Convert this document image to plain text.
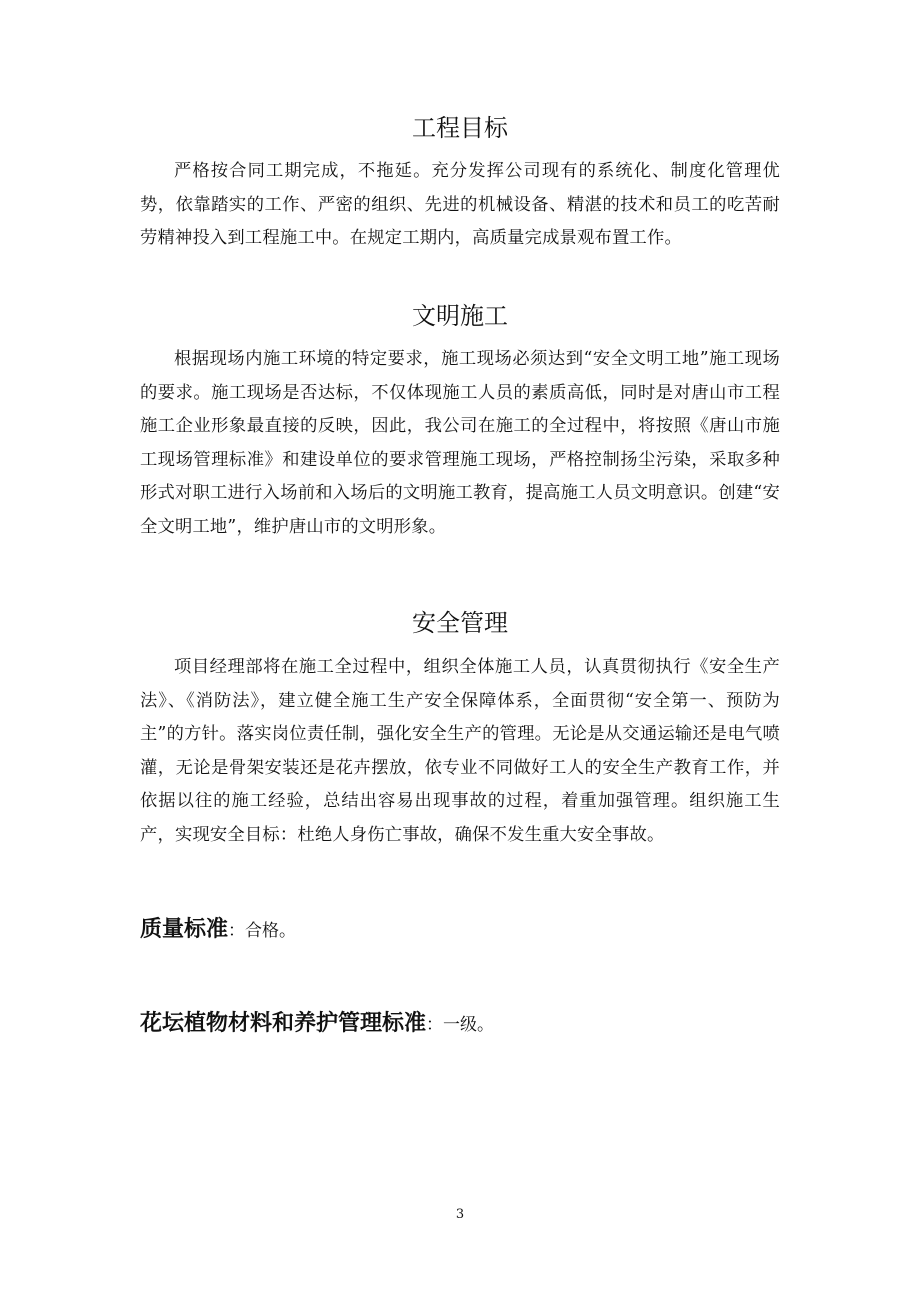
工程目标

严格按合同工期完成，不拖延。充分发挥公司现有的系统化、制度化管理优势，依靠踏实的工作、严密的组织、先进的机械设备、精湛的技术和员工的吃苦耐劳精神投入到工程施工中。在规定工期内，高质量完成景观布置工作。

文明施工

根据现场内施工环境的特定要求，施工现场必须达到“安全文明工地”施工现场的要求。施工现场是否达标，不仅体现施工人员的素质高低，同时是对唐山市工程施工企业形象最直接的反映，因此，我公司在施工的全过程中，将按照《唐山市施工现场管理标准》和建设单位的要求管理施工现场，严格控制扬尘污染，采取多种形式对职工进行入场前和入场后的文明施工教育，提高施工人员文明意识。创建“安全文明工地”，维护唐山市的文明形象。

安全管理

项目经理部将在施工全过程中，组织全体施工人员，认真贯彻执行《安全生产法》、《消防法》，建立健全施工生产安全保障体系，全面贯彻“安全第一、预防为主”的方针。落实岗位责任制，强化安全生产的管理。无论是从交通运输还是电气喷灌，无论是骨架安装还是花卉摆放，依专业不同做好工人的安全生产教育工作，并依据以往的施工经验，总结出容易出现事故的过程，着重加强管理。组织施工生产，实现安全目标：杜绝人身伤亡事故，确保不发生重大安全事故。

质量标准：合格。

花坛植物材料和养护管理标准：一级。

3
